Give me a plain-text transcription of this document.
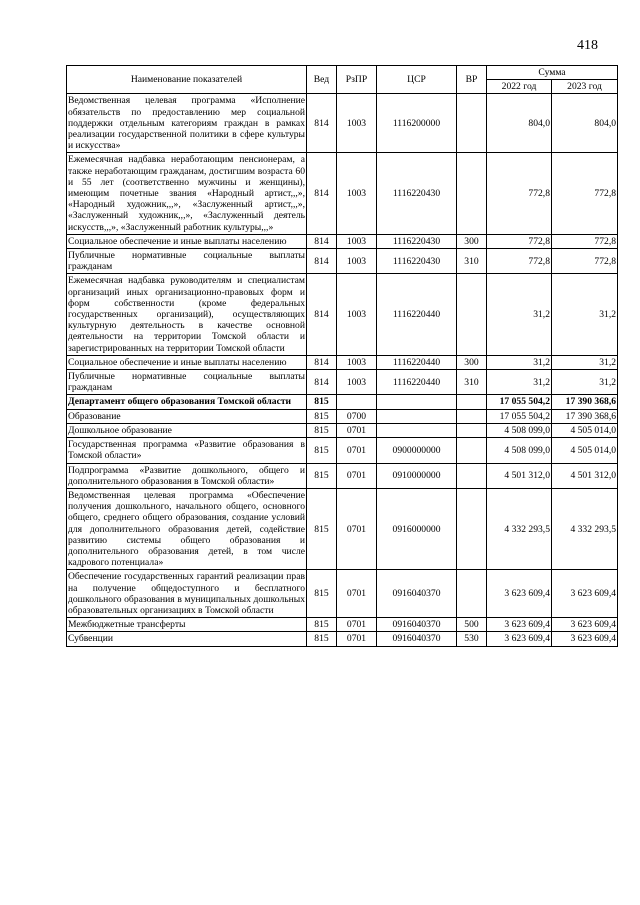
418
Наименование показателей	Вед	РзПР	ЦСР	ВР	Сумма	
					2022 год	2023 год
Ведомственная целевая программа «Исполнение обязательств по предоставлению мер социальной поддержки отдельным категориям граждан в рамках реализации государственной политики в сфере культуры и искусства»	814	1003	1116200000		804,0	804,0
Ежемесячная надбавка неработающим пенсионерам, а также неработающим гражданам, достигшим возраста 60 и 55 лет (соответственно мужчины и женщины), имеющим почетные звания «Народный артист,,,», «Народный художник,,,», «Заслуженный артист,,,», «Заслуженный художник,,,», «Заслуженный деятель искусств,,,», «Заслуженный работник культуры,,,»	814	1003	1116220430		772,8	772,8
Социальное обеспечение и иные выплаты населению	814	1003	1116220430	300	772,8	772,8
Публичные нормативные социальные выплаты гражданам	814	1003	1116220430	310	772,8	772,8
Ежемесячная надбавка руководителям и специалистам организаций иных организационно-правовых форм и форм собственности (кроме федеральных государственных организаций), осуществляющих культурную деятельность в качестве основной деятельности на территории Томской области и зарегистрированных на территории Томской области	814	1003	1116220440		31,2	31,2
Социальное обеспечение и иные выплаты населению	814	1003	1116220440	300	31,2	31,2
Публичные нормативные социальные выплаты гражданам	814	1003	1116220440	310	31,2	31,2
Департамент общего образования Томской области	815				17 055 504,2	17 390 368,6
Образование	815	0700			17 055 504,2	17 390 368,6
Дошкольное образование	815	0701			4 508 099,0	4 505 014,0
Государственная программа «Развитие образования в Томской области»	815	0701	0900000000		4 508 099,0	4 505 014,0
Подпрограмма «Развитие дошкольного, общего и дополнительного образования в Томской области»	815	0701	0910000000		4 501 312,0	4 501 312,0
Ведомственная целевая программа «Обеспечение получения дошкольного, начального общего, основного общего, среднего общего образования, создание условий для дополнительного образования детей, содействие развитию системы общего образования и дополнительного образования детей, в том числе кадрового потенциала»	815	0701	0916000000		4 332 293,5	4 332 293,5
Обеспечение государственных гарантий реализации прав на получение общедоступного и бесплатного дошкольного образования в муниципальных дошкольных образовательных организациях в Томской области	815	0701	0916040370		3 623 609,4	3 623 609,4
Межбюджетные трансферты	815	0701	0916040370	500	3 623 609,4	3 623 609,4
Субвенции	815	0701	0916040370	530	3 623 609,4	3 623 609,4
